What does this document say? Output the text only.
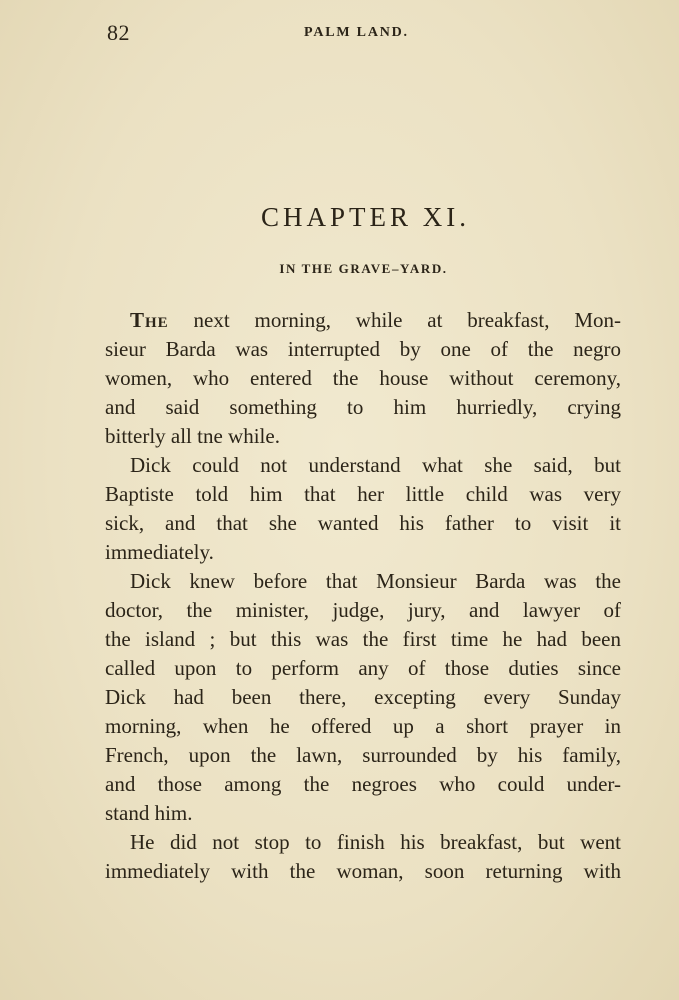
82	PALM LAND.
CHAPTER XI.
IN THE GRAVE–YARD.
The next morning, while at breakfast, Mon-
sieur Barda was interrupted by one of the negro
women, who entered the house without ceremony,
and said something to him hurriedly, crying
bitterly all tne while.
Dick could not understand what she said, but
Baptiste told him that her little child was very
sick, and that she wanted his father to visit it
immediately.
Dick knew before that Monsieur Barda was the
doctor, the minister, judge, jury, and lawyer of
the island ; but this was the first time he had been
called upon to perform any of those duties since
Dick had been there, excepting every Sunday
morning, when he offered up a short prayer in
French, upon the lawn, surrounded by his family,
and those among the negroes who could under-
stand him.
He did not stop to finish his breakfast, but went
immediately with the woman, soon returning with
